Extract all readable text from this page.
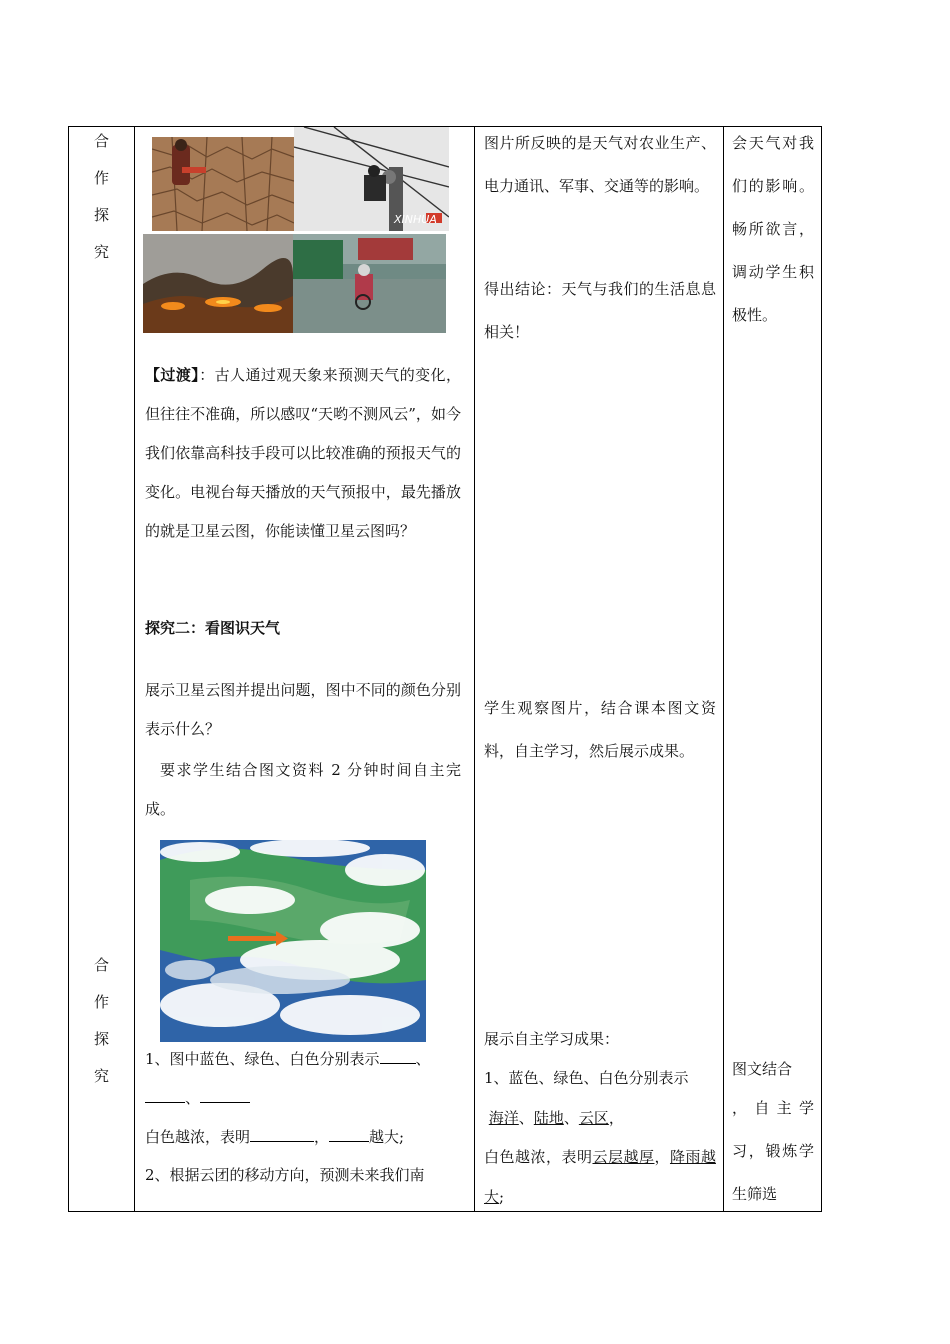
合
作
探
究
合
作
探
究
XINHUA
【过渡】：古人通过观天象来预测天气的变化，但往往不准确，所以感叹“天哟不测风云”，如今我们依靠高科技手段可以比较准确的预报天气的变化。电视台每天播放的天气预报中，最先播放的就是卫星云图，你能读懂卫星云图吗？
探究二：看图识天气
展示卫星云图并提出问题，图中不同的颜色分别表示什么？
要求学生结合图文资料 2 分钟时间自主完成。
1、图中蓝色、绿色、白色分别表示 、
、
白色越浓，表明	，	越大;
2、根据云团的移动方向，预测未来我们南
图片所反映的是天气对农业生产、电力通讯、军事、交通等的影响。
得出结论：天气与我们的生活息息相关！
学生观察图片，结合课本图文资料，自主学习，然后展示成果。
展示自主学习成果：
1、蓝色、绿色、白色分别表示
海洋、陆地、云区，
白色越浓，表明云层越厚，降雨越大;
会天气对我们的影响。畅所欲言，调动学生积极性。
图文结合
，自主学习，锻炼学生筛选
